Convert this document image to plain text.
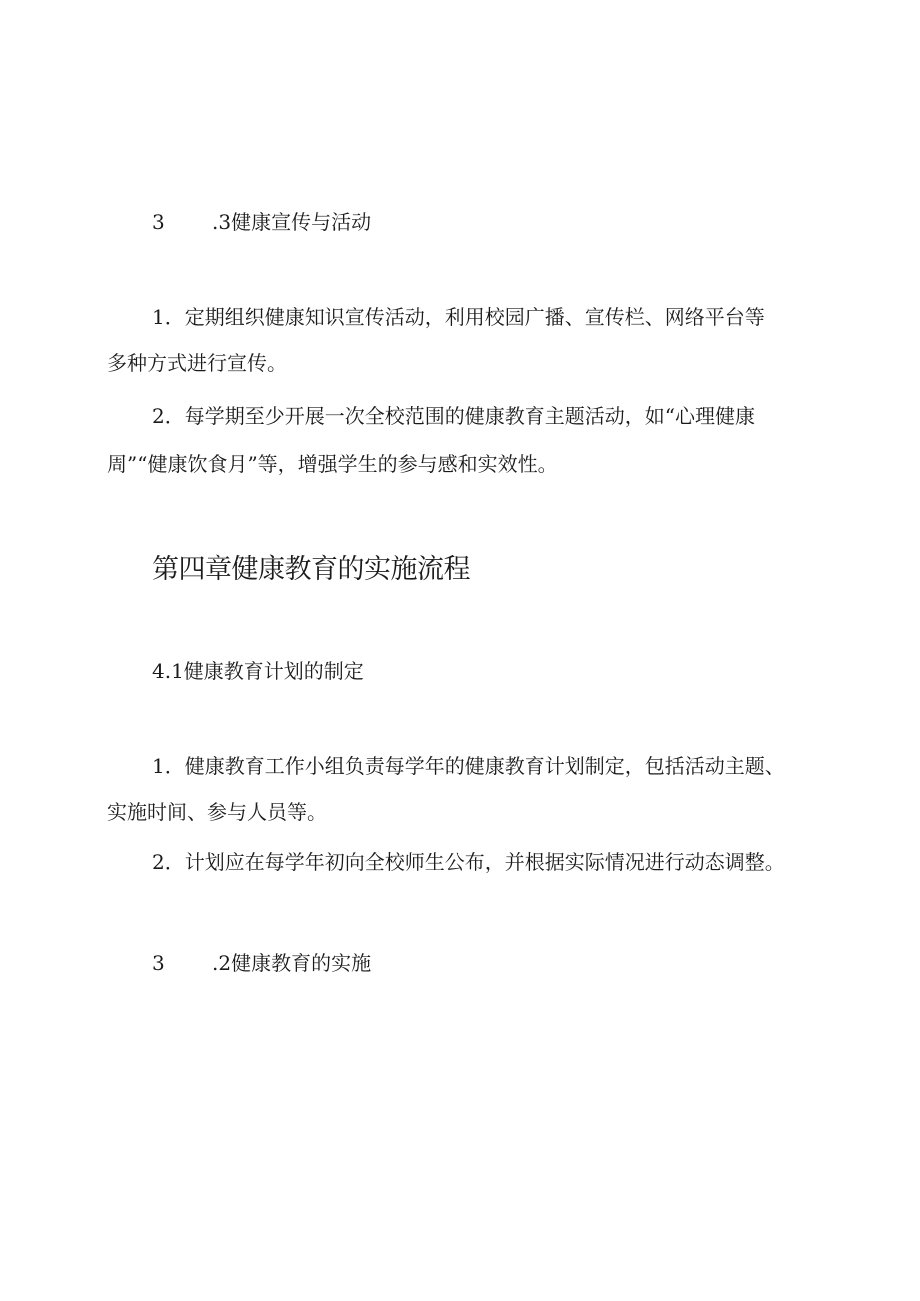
3 .3健康宣传与活动
1．定期组织健康知识宣传活动，利用校园广播、宣传栏、网络平台等
多种方式进行宣传。
2．每学期至少开展一次全校范围的健康教育主题活动，如“心理健康
周”“健康饮食月”等，增强学生的参与感和实效性。
第四章健康教育的实施流程
4.1健康教育计划的制定
1．健康教育工作小组负责每学年的健康教育计划制定，包括活动主题、
实施时间、参与人员等。
2．计划应在每学年初向全校师生公布，并根据实际情况进行动态调整。
3 .2健康教育的实施
